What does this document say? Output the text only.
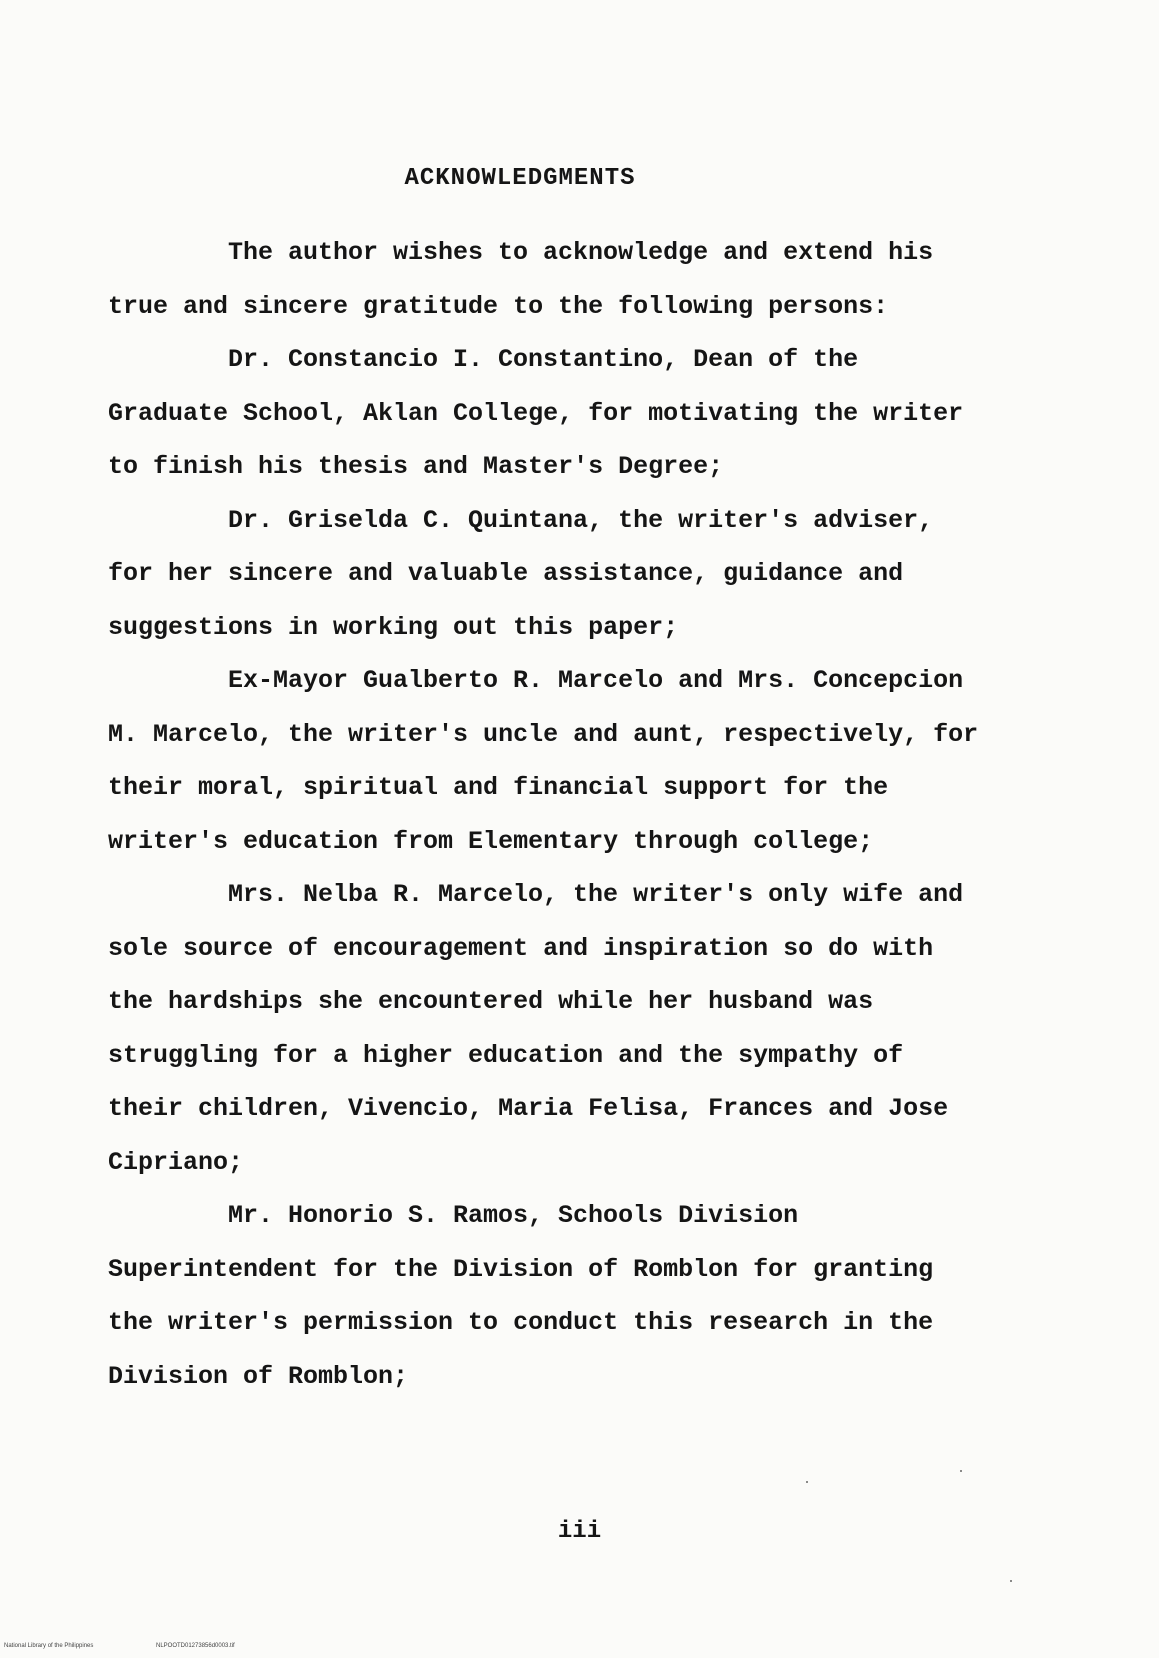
ACKNOWLEDGMENTS

The author wishes to acknowledge and extend his true and sincere gratitude to the following persons:

Dr. Constancio I. Constantino, Dean of the Graduate School, Aklan College, for motivating the writer to finish his thesis and Master's Degree;

Dr. Griselda C. Quintana, the writer's adviser, for her sincere and valuable assistance, guidance and suggestions in working out this paper;

Ex-Mayor Gualberto R. Marcelo and Mrs. Concepcion M. Marcelo, the writer's uncle and aunt, respectively, for their moral, spiritual and financial support for the writer's education from Elementary through college;

Mrs. Nelba R. Marcelo, the writer's only wife and sole source of encouragement and inspiration so do with the hardships she encountered while her husband was struggling for a higher education and the sympathy of their children, Vivencio, Maria Felisa, Frances and Jose Cipriano;

Mr. Honorio S. Ramos, Schools Division Superintendent for the Division of Romblon for granting the writer's permission to conduct this research in the Division of Romblon;

iii
National Library of the Philippines	NLPOOTD01273856d0003.tif
